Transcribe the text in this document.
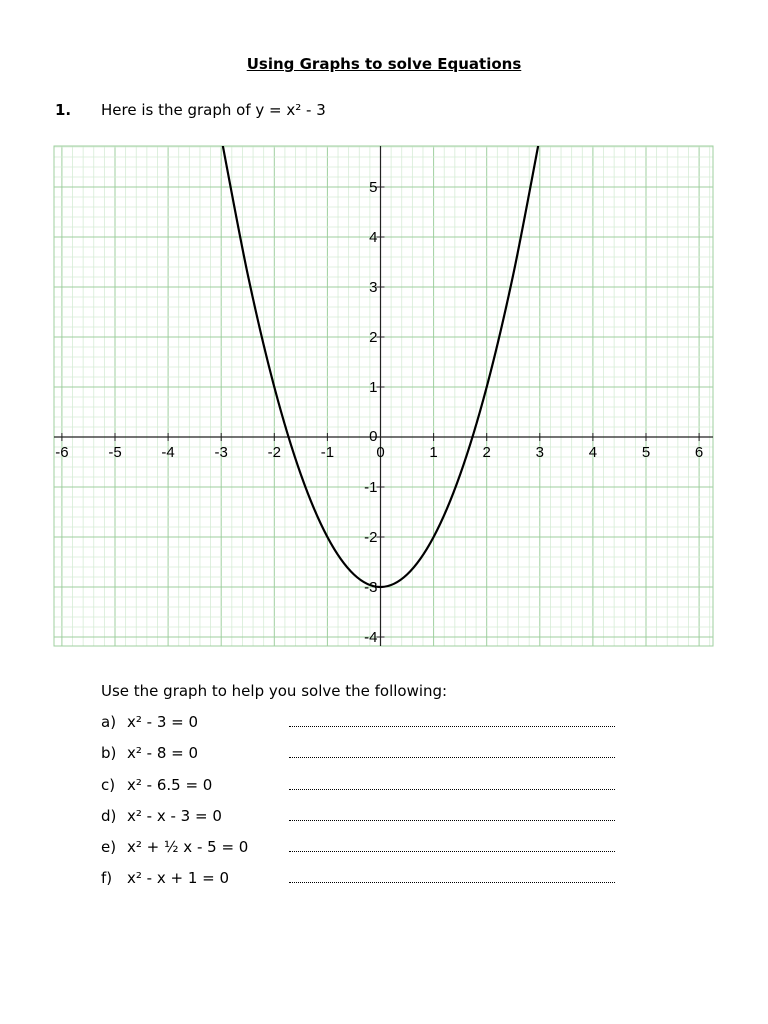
Using Graphs to solve Equations
1. Here is the graph of y = x² - 3
-6	-5	-4	-3	-2	-1	0	1	2	3	4	5	6
-4
-3
-2
-1
1
2
3
4
5
0
Use the graph to help you solve the following:
a) x² - 3 = 0
b) x² - 8 = 0
c) x² - 6.5 = 0
d) x² - x - 3 = 0
e) x² + ½ x - 5 = 0
f) x² - x + 1 = 0
